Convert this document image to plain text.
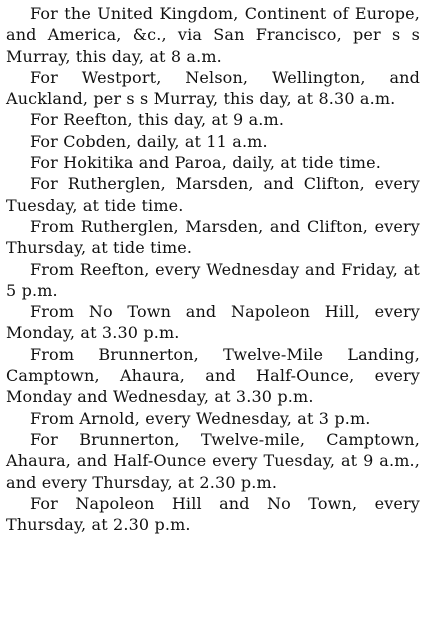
For the United Kingdom, Continent of Europe, and America, &c., via San Francisco, per s s Murray, this day, at 8 a.m.

For Westport, Nelson, Wellington, and Auckland, per s s Murray, this day, at 8.30 a.m.

For Reefton, this day, at 9 a.m.

For Cobden, daily, at 11 a.m.

For Hokitika and Paroa, daily, at tide time.

For Rutherglen, Marsden, and Clifton, every Tuesday, at tide time.

From Rutherglen, Marsden, and Clifton, every Thursday, at tide time.

From Reefton, every Wednesday and Friday, at 5 p.m.

From No Town and Napoleon Hill, every Monday, at 3.30 p.m.

From Brunnerton, Twelve-Mile Landing, Camptown, Ahaura, and Half-Ounce, every Monday and Wednesday, at 3.30 p.m.

From Arnold, every Wednesday, at 3 p.m.

For Brunnerton, Twelve-mile, Camptown, Ahaura, and Half-Ounce every Tuesday, at 9 a.m., and every Thursday, at 2.30 p.m.

For Napoleon Hill and No Town, every Thursday, at 2.30 p.m.
